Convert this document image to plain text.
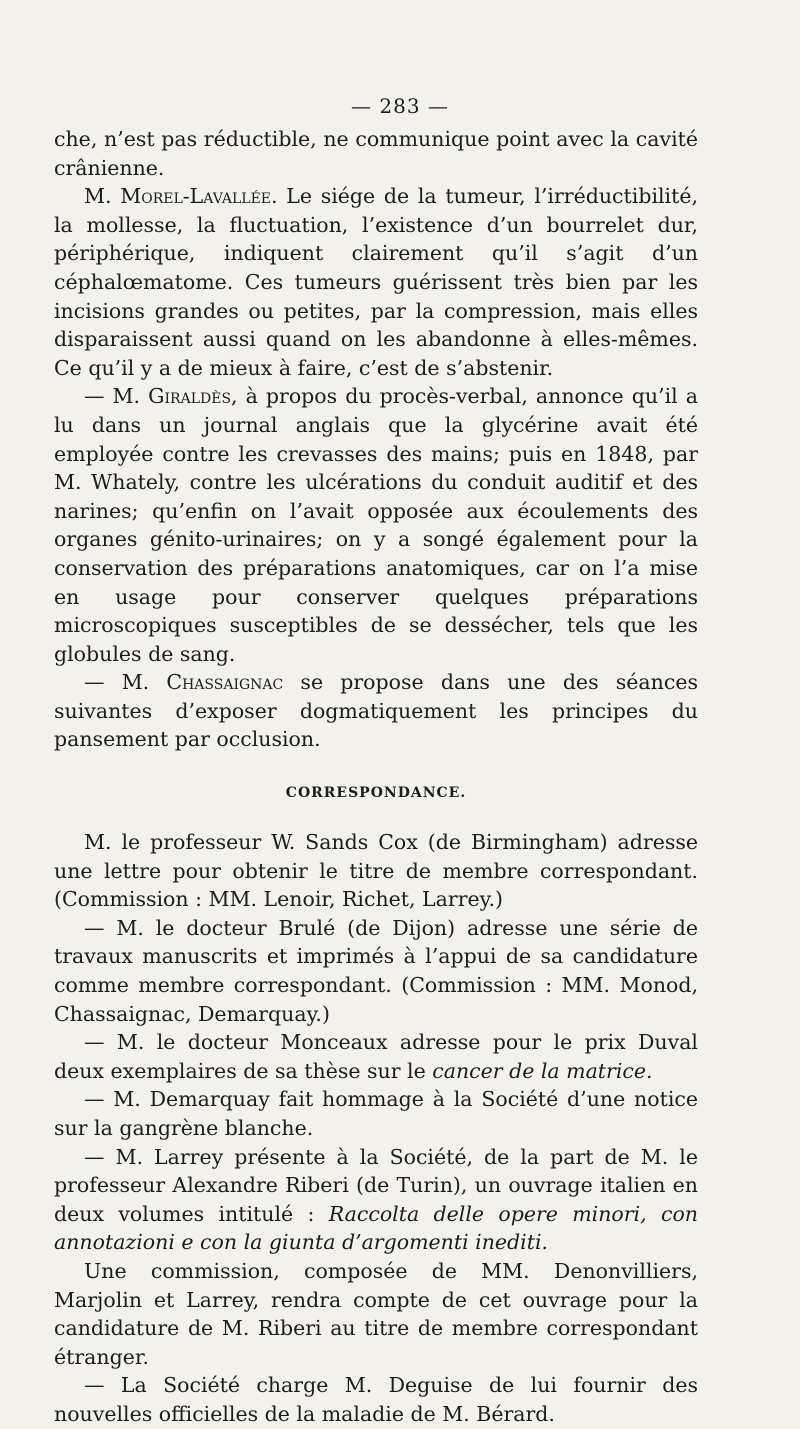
— 283 —

che, n’est pas réductible, ne communique point avec la cavité crânienne.

M. Morel-Lavallée. Le siége de la tumeur, l’irréductibilité, la mollesse, la fluctuation, l’existence d’un bourrelet dur, périphérique, indiquent clairement qu’il s’agit d’un céphalœmatome. Ces tumeurs guérissent très bien par les incisions grandes ou petites, par la compression, mais elles disparaissent aussi quand on les abandonne à elles-mêmes. Ce qu’il y a de mieux à faire, c’est de s’abstenir.

— M. Giraldès, à propos du procès-verbal, annonce qu’il a lu dans un journal anglais que la glycérine avait été employée contre les crevasses des mains; puis en 1848, par M. Whately, contre les ulcérations du conduit auditif et des narines; qu’enfin on l’avait opposée aux écoulements des organes génito-urinaires; on y a songé également pour la conservation des préparations anatomiques, car on l’a mise en usage pour conserver quelques préparations microscopiques susceptibles de se dessécher, tels que les globules de sang.

— M. Chassaignac se propose dans une des séances suivantes d’exposer dogmatiquement les principes du pansement par occlusion.

CORRESPONDANCE.

M. le professeur W. Sands Cox (de Birmingham) adresse une lettre pour obtenir le titre de membre correspondant. (Commission : MM. Lenoir, Richet, Larrey.)

— M. le docteur Brulé (de Dijon) adresse une série de travaux manuscrits et imprimés à l’appui de sa candidature comme membre correspondant. (Commission : MM. Monod, Chassaignac, Demarquay.)

— M. le docteur Monceaux adresse pour le prix Duval deux exemplaires de sa thèse sur le cancer de la matrice.

— M. Demarquay fait hommage à la Société d’une notice sur la gangrène blanche.

— M. Larrey présente à la Société, de la part de M. le professeur Alexandre Riberi (de Turin), un ouvrage italien en deux volumes intitulé : Raccolta delle opere minori, con annotazioni e con la giunta d’argomenti inediti.

Une commission, composée de MM. Denonvilliers, Marjolin et Larrey, rendra compte de cet ouvrage pour la candidature de M. Riberi au titre de membre correspondant étranger.

— La Société charge M. Deguise de lui fournir des nouvelles officielles de la maladie de M. Bérard.
